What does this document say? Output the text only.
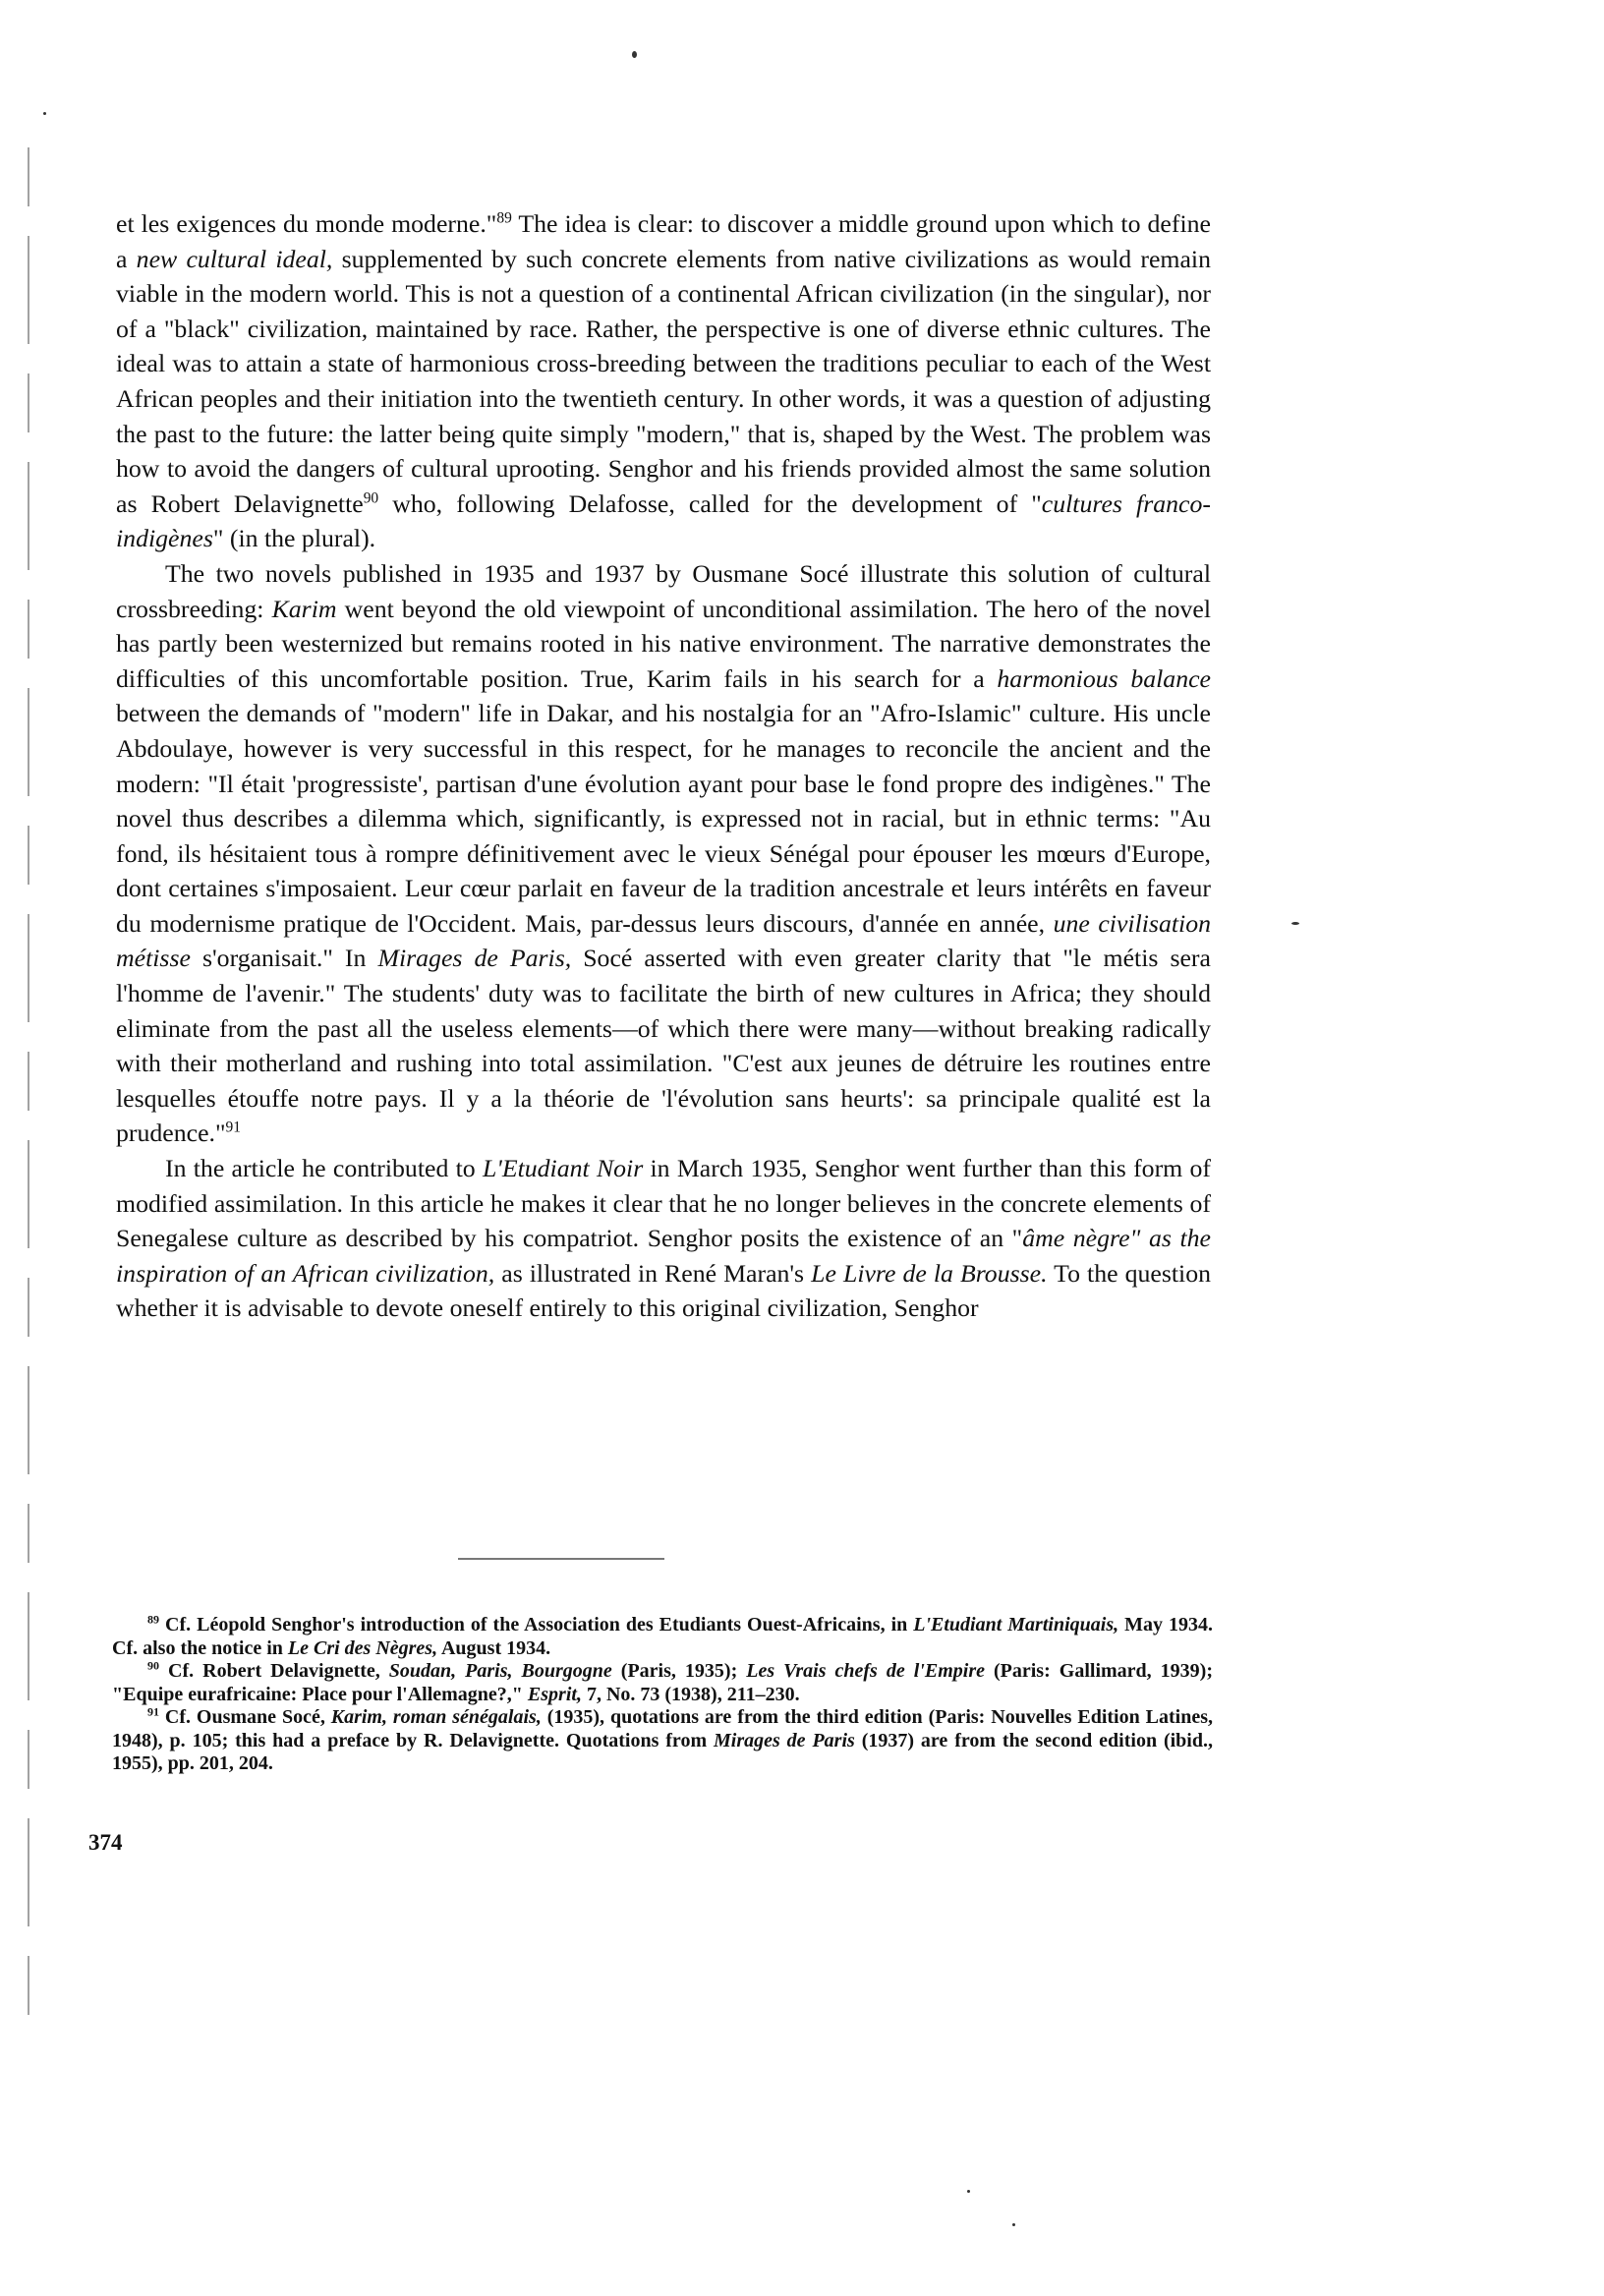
et les exigences du monde moderne."$^{89}$ The idea is clear: to discover a middle ground upon which to define a new cultural ideal, supplemented by such concrete elements from native civilizations as would remain viable in the modern world. This is not a question of a continental African civilization (in the singular), nor of a "black" civilization, maintained by race. Rather, the perspective is one of diverse ethnic cultures. The ideal was to attain a state of harmonious cross-breeding between the traditions peculiar to each of the West African peoples and their initiation into the twentieth century. In other words, it was a question of adjusting the past to the future: the latter being quite simply "modern," that is, shaped by the West. The problem was how to avoid the dangers of cultural uprooting. Senghor and his friends provided almost the same solution as Robert Delavignette$^{90}$ who, following Delafosse, called for the development of "cultures franco-indigènes" (in the plural).

The two novels published in 1935 and 1937 by Ousmane Socé illustrate this solution of cultural crossbreeding: Karim went beyond the old viewpoint of unconditional assimilation. The hero of the novel has partly been westernized but remains rooted in his native environment. The narrative demonstrates the difficulties of this uncomfortable position. True, Karim fails in his search for a harmonious balance between the demands of "modern" life in Dakar, and his nostalgia for an "Afro-Islamic" culture. His uncle Abdoulaye, however is very successful in this respect, for he manages to reconcile the ancient and the modern: "Il était 'progressiste', partisan d'une évolution ayant pour base le fond propre des indigènes." The novel thus describes a dilemma which, significantly, is expressed not in racial, but in ethnic terms: "Au fond, ils hésitaient tous à rompre définitivement avec le vieux Sénégal pour épouser les mœurs d'Europe, dont certaines s'imposaient. Leur cœur parlait en faveur de la tradition ancestrale et leurs intérêts en faveur du modernisme pratique de l'Occident. Mais, par-dessus leurs discours, d'année en année, une civilisation métisse s'organisait." In Mirages de Paris, Socé asserted with even greater clarity that "le métis sera l'homme de l'avenir." The students' duty was to facilitate the birth of new cultures in Africa; they should eliminate from the past all the useless elements—of which there were many—without breaking radically with their motherland and rushing into total assimilation. "C'est aux jeunes de détruire les routines entre lesquelles étouffe notre pays. Il y a la théorie de 'l'évolution sans heurts': sa principale qualité est la prudence."$^{91}$

In the article he contributed to L'Etudiant Noir in March 1935, Senghor went further than this form of modified assimilation. In this article he makes it clear that he no longer believes in the concrete elements of Senegalese culture as described by his compatriot. Senghor posits the existence of an "âme nègre" as the inspiration of an African civilization, as illustrated in René Maran's Le Livre de la Brousse. To the question whether it is advisable to devote oneself entirely to this original civilization, Senghor

$^{89}$ Cf. Léopold Senghor's introduction of the Association des Etudiants Ouest-Africains, in L'Etudiant Martiniquais, May 1934. Cf. also the notice in Le Cri des Nègres, August 1934.

$^{90}$ Cf. Robert Delavignette, Soudan, Paris, Bourgogne (Paris, 1935); Les Vrais chefs de l'Empire (Paris: Gallimard, 1939); "Equipe eurafricaine: Place pour l'Allemagne?," Esprit, 7, No. 73 (1938), 211–230.

$^{91}$ Cf. Ousmane Socé, Karim, roman sénégalais, (1935), quotations are from the third edition (Paris: Nouvelles Edition Latines, 1948), p. 105; this had a preface by R. Delavignette. Quotations from Mirages de Paris (1937) are from the second edition (ibid., 1955), pp. 201, 204.

374
